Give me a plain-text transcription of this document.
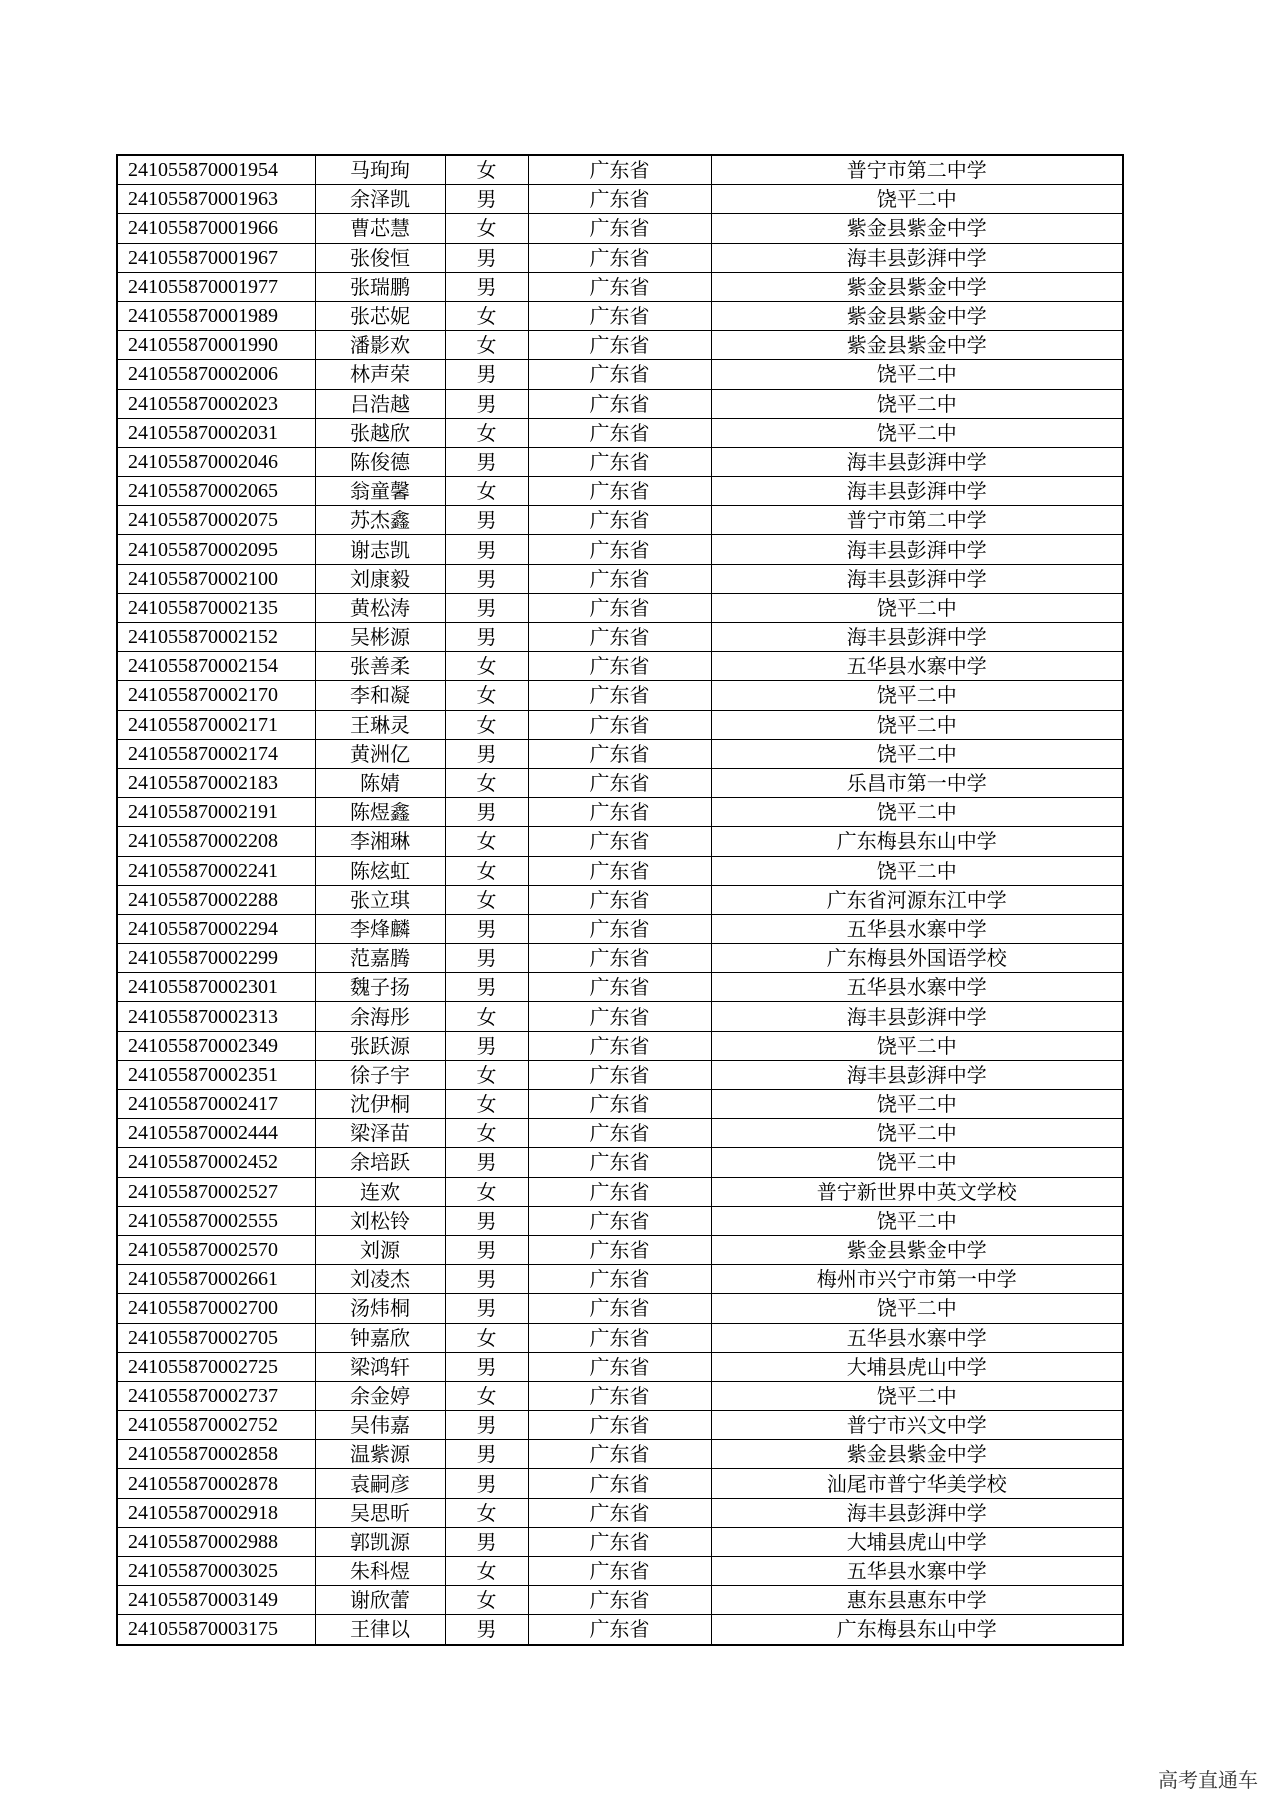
241055870001954	马珣珣	女	广东省	普宁市第二中学
241055870001963	余泽凯	男	广东省	饶平二中
241055870001966	曹芯慧	女	广东省	紫金县紫金中学
241055870001967	张俊恒	男	广东省	海丰县彭湃中学
241055870001977	张瑞鹏	男	广东省	紫金县紫金中学
241055870001989	张芯妮	女	广东省	紫金县紫金中学
241055870001990	潘影欢	女	广东省	紫金县紫金中学
241055870002006	林声荣	男	广东省	饶平二中
241055870002023	吕浩越	男	广东省	饶平二中
241055870002031	张越欣	女	广东省	饶平二中
241055870002046	陈俊德	男	广东省	海丰县彭湃中学
241055870002065	翁童馨	女	广东省	海丰县彭湃中学
241055870002075	苏杰鑫	男	广东省	普宁市第二中学
241055870002095	谢志凯	男	广东省	海丰县彭湃中学
241055870002100	刘康毅	男	广东省	海丰县彭湃中学
241055870002135	黄松涛	男	广东省	饶平二中
241055870002152	吴彬源	男	广东省	海丰县彭湃中学
241055870002154	张善柔	女	广东省	五华县水寨中学
241055870002170	李和凝	女	广东省	饶平二中
241055870002171	王琳灵	女	广东省	饶平二中
241055870002174	黄洲亿	男	广东省	饶平二中
241055870002183	陈婧	女	广东省	乐昌市第一中学
241055870002191	陈煜鑫	男	广东省	饶平二中
241055870002208	李湘琳	女	广东省	广东梅县东山中学
241055870002241	陈炫虹	女	广东省	饶平二中
241055870002288	张立琪	女	广东省	广东省河源东江中学
241055870002294	李烽麟	男	广东省	五华县水寨中学
241055870002299	范嘉腾	男	广东省	广东梅县外国语学校
241055870002301	魏子扬	男	广东省	五华县水寨中学
241055870002313	余海彤	女	广东省	海丰县彭湃中学
241055870002349	张跃源	男	广东省	饶平二中
241055870002351	徐子宇	女	广东省	海丰县彭湃中学
241055870002417	沈伊桐	女	广东省	饶平二中
241055870002444	梁泽苗	女	广东省	饶平二中
241055870002452	余培跃	男	广东省	饶平二中
241055870002527	连欢	女	广东省	普宁新世界中英文学校
241055870002555	刘松铃	男	广东省	饶平二中
241055870002570	刘源	男	广东省	紫金县紫金中学
241055870002661	刘凌杰	男	广东省	梅州市兴宁市第一中学
241055870002700	汤炜桐	男	广东省	饶平二中
241055870002705	钟嘉欣	女	广东省	五华县水寨中学
241055870002725	梁鸿轩	男	广东省	大埔县虎山中学
241055870002737	余金婷	女	广东省	饶平二中
241055870002752	吴伟嘉	男	广东省	普宁市兴文中学
241055870002858	温紫源	男	广东省	紫金县紫金中学
241055870002878	袁嗣彦	男	广东省	汕尾市普宁华美学校
241055870002918	吴思昕	女	广东省	海丰县彭湃中学
241055870002988	郭凯源	男	广东省	大埔县虎山中学
241055870003025	朱科煜	女	广东省	五华县水寨中学
241055870003149	谢欣蕾	女	广东省	惠东县惠东中学
241055870003175	王律以	男	广东省	广东梅县东山中学
高考直通车
